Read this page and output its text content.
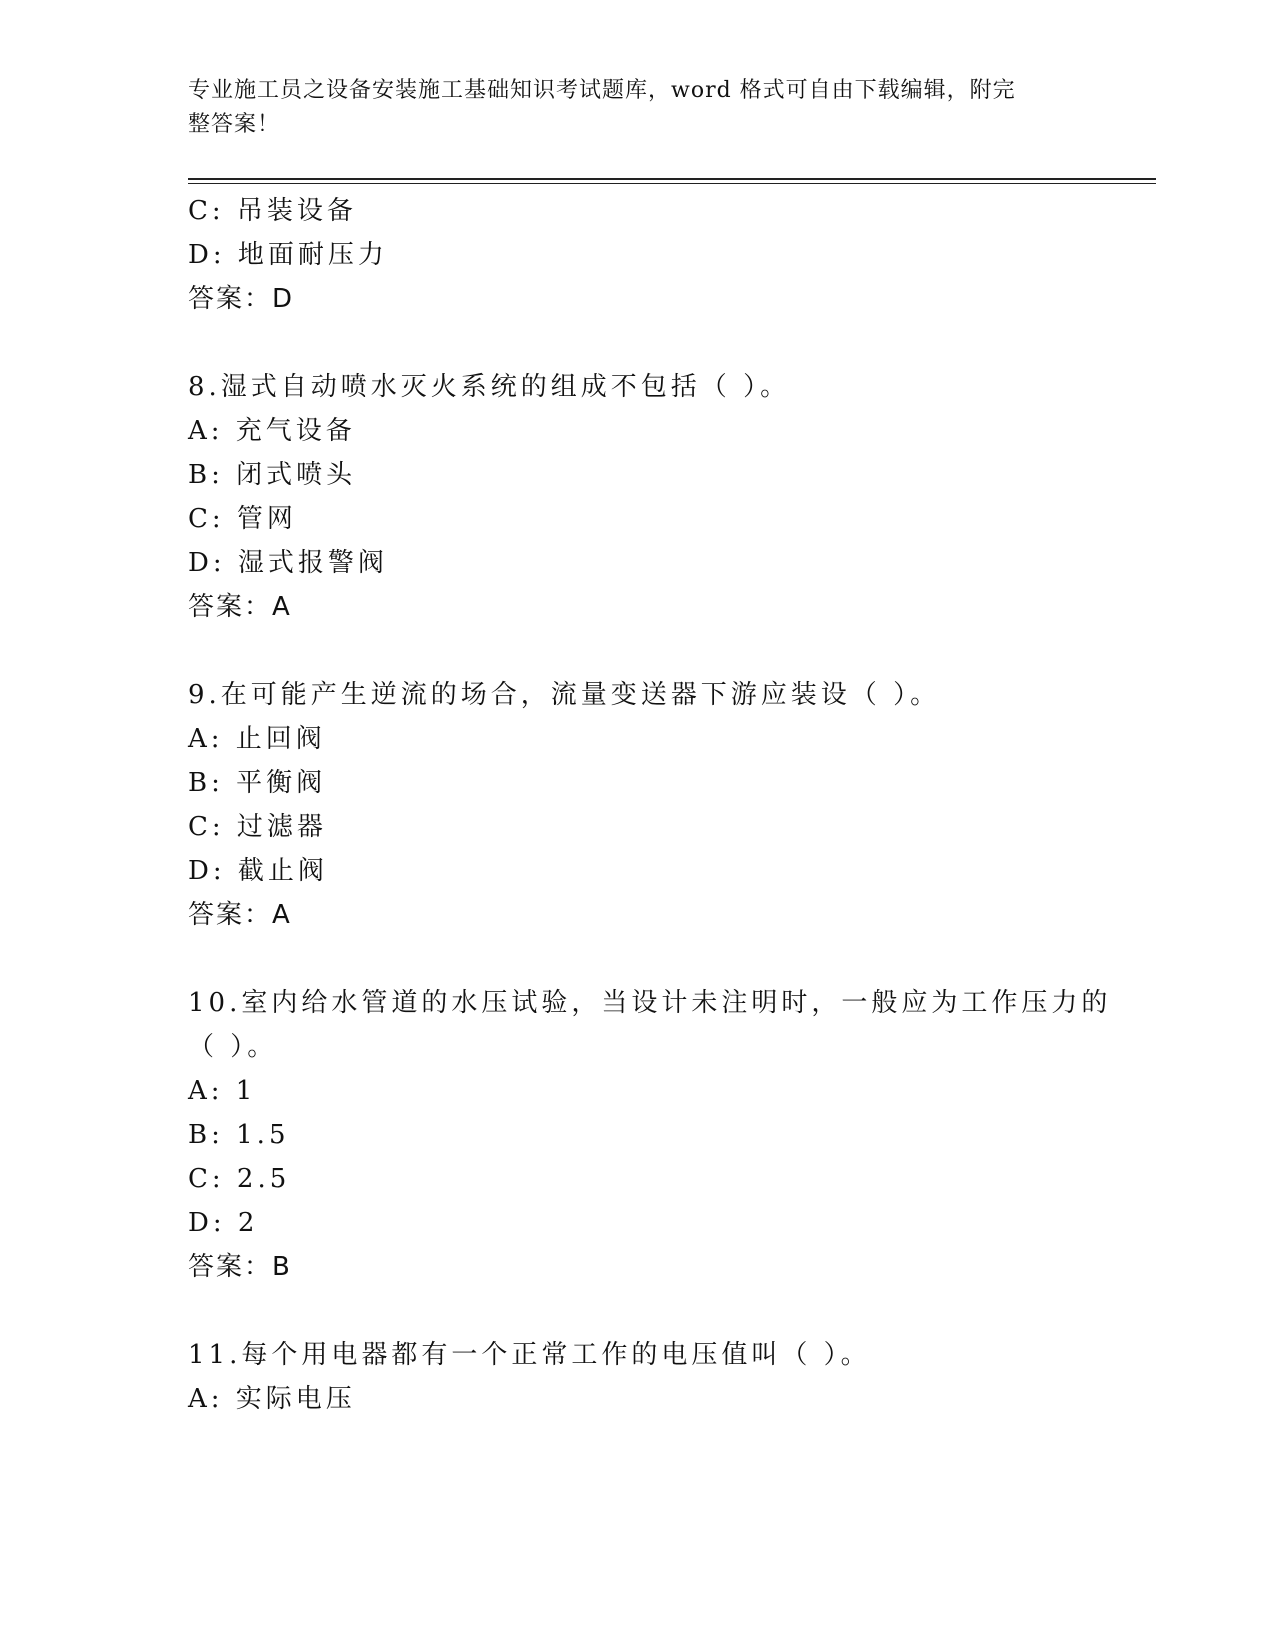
专业施工员之设备安装施工基础知识考试题库，word 格式可自由下载编辑，附完
整答案！
C: 吊装设备
D: 地面耐压力
答案：D
8.湿式自动喷水灭火系统的组成不包括（ ）。
A: 充气设备
B: 闭式喷头
C: 管网
D: 湿式报警阀
答案：A
9.在可能产生逆流的场合，流量变送器下游应装设（ ）。
A: 止回阀
B: 平衡阀
C: 过滤器
D: 截止阀
答案：A
10.室内给水管道的水压试验，当设计未注明时，一般应为工作压力的
（ ）。
A: 1
B: 1.5
C: 2.5
D: 2
答案：B
11.每个用电器都有一个正常工作的电压值叫（ ）。
A: 实际电压
